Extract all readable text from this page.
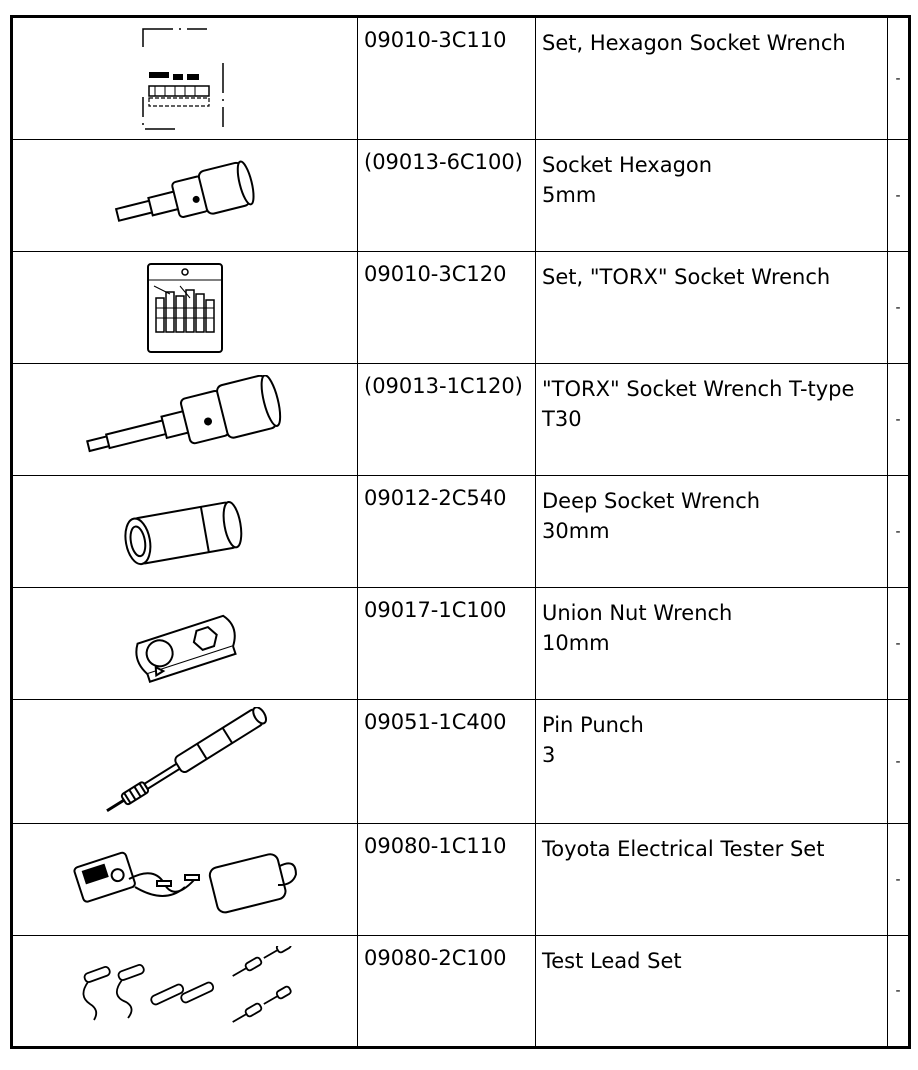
	09010-3C110	Set, Hexagon Socket Wrench	-

	(09013-6C100)	Socket Hexagon
5mm	-

	09010-3C120	Set, "TORX" Socket Wrench	-

	(09013-1C120)	"TORX" Socket Wrench T-type
T30	-

	09012-2C540	Deep Socket Wrench
30mm	-

	09017-1C100	Union Nut Wrench
10mm	-

	09051-1C400	Pin Punch
3	-

	09080-1C110	Toyota Electrical Tester Set	-

	09080-2C100	Test Lead Set	-
